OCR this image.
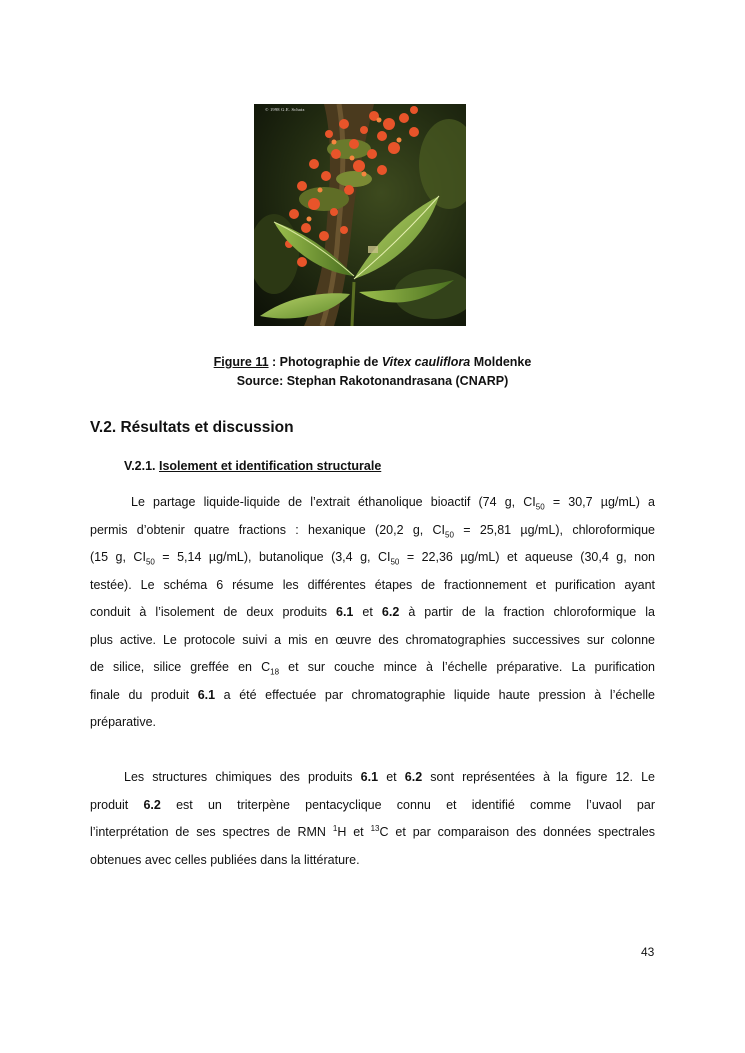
© 1998 G.E. Schatz
Figure 11 : Photographie de Vitex cauliflora Moldenke
Source: Stephan Rakotonandrasana (CNARP)
V.2. Résultats et discussion
V.2.1. Isolement et identification structurale
Le partage liquide-liquide de l’extrait éthanolique bioactif (74 g, $CI_{50} = 30,7$ µg/mL) a
permis d’obtenir quatre fractions : hexanique (20,2 g, $CI_{50} = 25,81$ µg/mL), chloroformique
(15 g, $CI_{50} = 5,14$ µg/mL), butanolique (3,4 g, $CI_{50} = 22,36$ µg/mL) et aqueuse (30,4 g, non
testée). Le schéma 6 résume les différentes étapes de fractionnement et purification ayant
conduit à l’isolement de deux produits 6.1 et 6.2 à partir de la fraction chloroformique la
plus active. Le protocole suivi a mis en œuvre des chromatographies successives sur colonne
de silice, silice greffée en $C_{18}$ et sur couche mince à l’échelle préparative. La purification
finale du produit 6.1 a été effectuée par chromatographie liquide haute pression à l’échelle
préparative.
Les structures chimiques des produits 6.1 et 6.2 sont représentées à la figure 12. Le
produit 6.2 est un triterpène pentacyclique connu et identifié comme l’uvaol par
l’interprétation de ses spectres de RMN $^1$H et $^{13}$C et par comparaison des données spectrales
obtenues avec celles publiées dans la littérature.
43
